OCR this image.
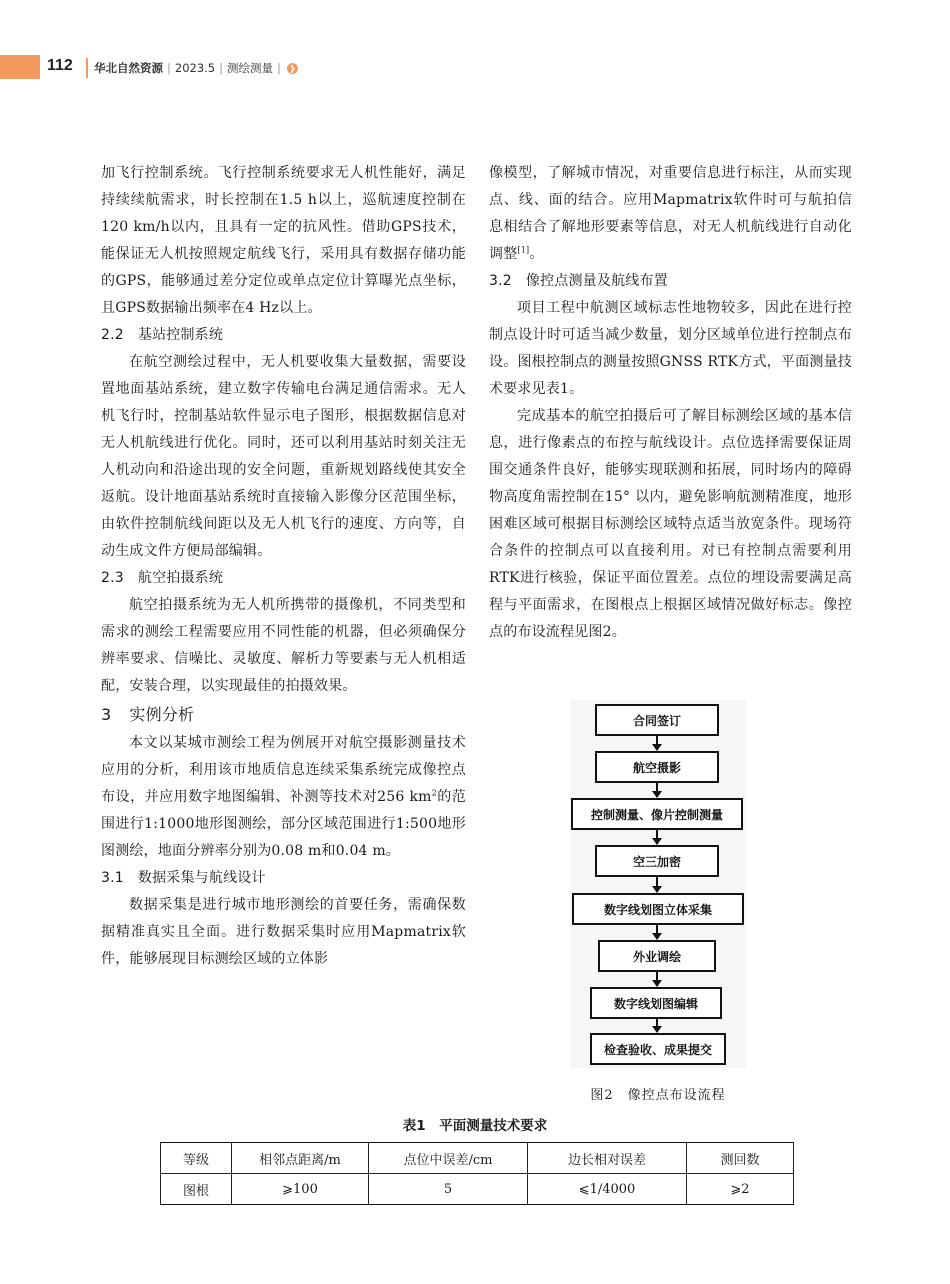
112 华北自然资源 | 2023.5 | 测绘测量 | ❯

加飞行控制系统。飞行控制系统要求无人机性能好，满足持续续航需求，时长控制在1.5 h以上，巡航速度控制在120 km/h以内，且具有一定的抗风性。借助GPS技术，能保证无人机按照规定航线飞行，采用具有数据存储功能的GPS，能够通过差分定位或单点定位计算曝光点坐标，且GPS数据输出频率在4 Hz以上。

2.2 基站控制系统

在航空测绘过程中，无人机要收集大量数据，需要设置地面基站系统，建立数字传输电台满足通信需求。无人机飞行时，控制基站软件显示电子图形，根据数据信息对无人机航线进行优化。同时，还可以利用基站时刻关注无人机动向和沿途出现的安全问题，重新规划路线使其安全返航。设计地面基站系统时直接输入影像分区范围坐标，由软件控制航线间距以及无人机飞行的速度、方向等，自动生成文件方便局部编辑。

2.3 航空拍摄系统

航空拍摄系统为无人机所携带的摄像机，不同类型和需求的测绘工程需要应用不同性能的机器，但必须确保分辨率要求、信噪比、灵敏度、解析力等要素与无人机相适配，安装合理，以实现最佳的拍摄效果。

3 实例分析

本文以某城市测绘工程为例展开对航空摄影测量技术应用的分析，利用该市地质信息连续采集系统完成像控点布设，并应用数字地图编辑、补测等技术对256 $km^2$的范围进行1:1000地形图测绘，部分区域范围进行1:500地形图测绘，地面分辨率分别为0.08 m和0.04 m。

3.1 数据采集与航线设计

数据采集是进行城市地形测绘的首要任务，需确保数据精准真实且全面。进行数据采集时应用Mapmatrix软件，能够展现目标测绘区域的立体影

像模型，了解城市情况，对重要信息进行标注，从而实现点、线、面的结合。应用Mapmatrix软件时可与航拍信息相结合了解地形要素等信息，对无人机航线进行自动化调整[1]。

3.2 像控点测量及航线布置

项目工程中航测区域标志性地物较多，因此在进行控制点设计时可适当减少数量，划分区域单位进行控制点布设。图根控制点的测量按照GNSS RTK方式，平面测量技术要求见表1。

完成基本的航空拍摄后可了解目标测绘区域的基本信息，进行像素点的布控与航线设计。点位选择需要保证周围交通条件良好，能够实现联测和拓展，同时场内的障碍物高度角需控制在15° 以内，避免影响航测精准度，地形困难区域可根据目标测绘区域特点适当放宽条件。现场符合条件的控制点可以直接利用。对已有控制点需要利用RTK进行核验，保证平面位置差。点位的埋设需要满足高程与平面需求，在图根点上根据区域情况做好标志。像控点的布设流程见图2。

合同签订
航空摄影
控制测量、像片控制测量
空三加密
数字线划图立体采集
外业调绘
数字线划图编辑
检查验收、成果提交
图2　像控点布设流程
表1　平面测量技术要求
等级	相邻点距离/m	点位中误差/cm	边长相对误差	测回数
图根	⩾100	5	⩽1/4000	⩾2
